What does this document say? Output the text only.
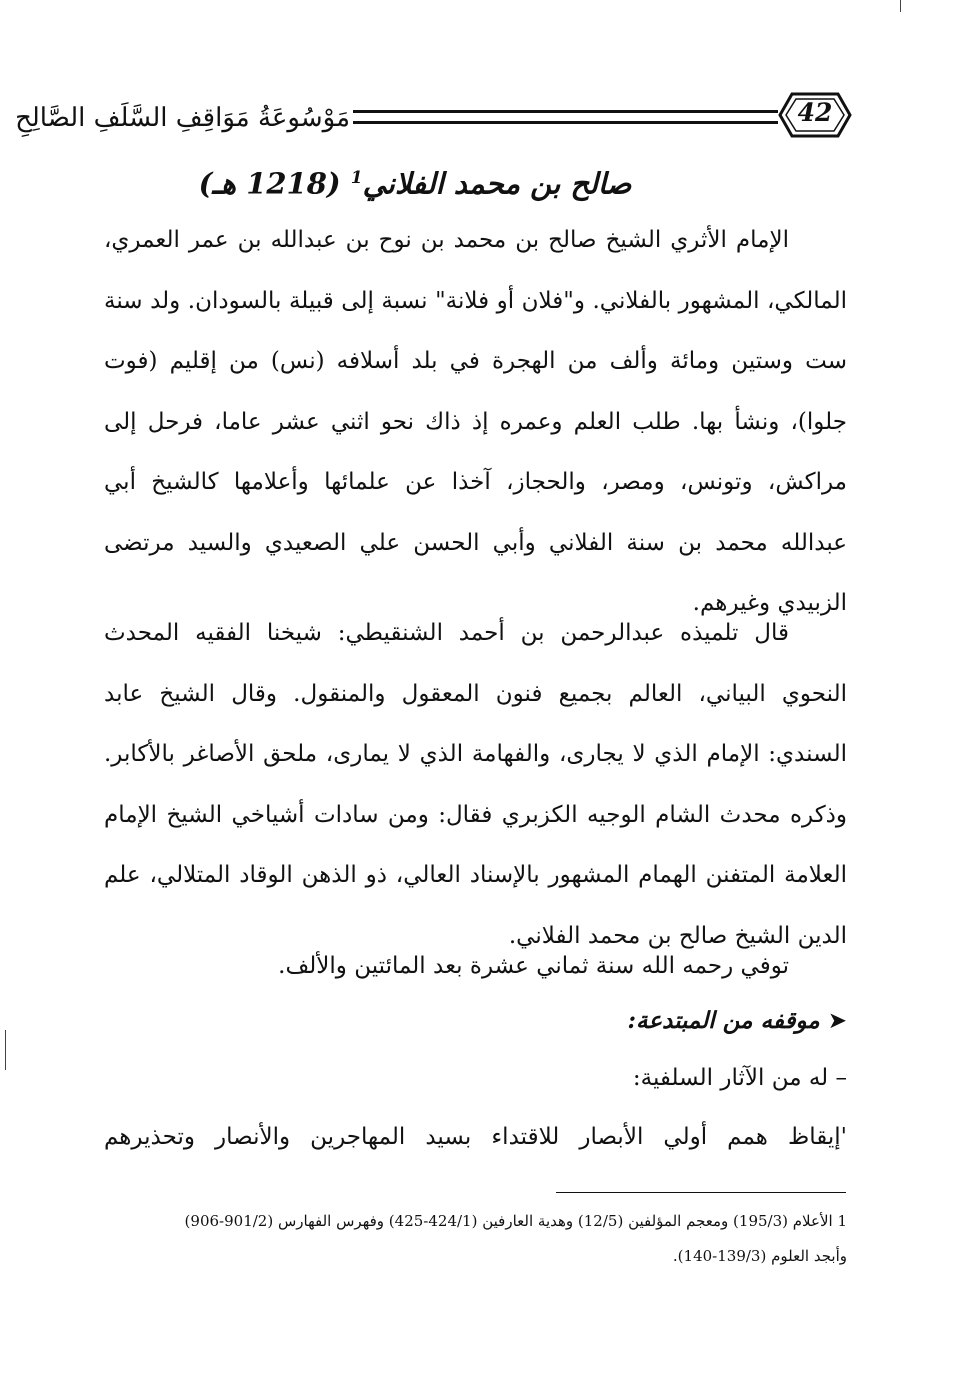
مَوْسُوعَةُ مَوَاقِفِ السَّلَفِ الصَّالِحِ	42
صالح بن محمد الفلاني$^1$ (1218 هـ)

الإمام الأثري الشيخ صالح بن محمد بن نوح بن عبدالله بن عمر العمري، المالكي، المشهور بالفلاني. و"فلان أو فلانة" نسبة إلى قبيلة بالسودان. ولد سنة ست وستين ومائة وألف من الهجرة في بلد أسلافه (نس) من إقليم (فوت جلوا)، ونشأ بها. طلب العلم وعمره إذ ذاك نحو اثني عشر عاما، فرحل إلى مراكش، وتونس، ومصر، والحجاز، آخذا عن علمائها وأعلامها كالشيخ أبي عبدالله محمد بن سنة الفلاني وأبي الحسن علي الصعيدي والسيد مرتضى الزبيدي وغيرهم.

قال تلميذه عبدالرحمن بن أحمد الشنقيطي: شيخنا الفقيه المحدث النحوي البياني، العالم بجميع فنون المعقول والمنقول. وقال الشيخ عابد السندي: الإمام الذي لا يجارى، والفهامة الذي لا يمارى، ملحق الأصاغر بالأكابر. وذكره محدث الشام الوجيه الكزبري فقال: ومن سادات أشياخي الشيخ الإمام العلامة المتفنن الهمام المشهور بالإسناد العالي، ذو الذهن الوقاد المتلالي، علم الدين الشيخ صالح بن محمد الفلاني.

توفي رحمه الله سنة ثماني عشرة بعد المائتين والألف.

➤ موقفه من المبتدعة:
– له من الآثار السلفية:
'إيقاظ همم أولي الأبصار للاقتداء بسيد المهاجرين والأنصار وتحذيرهم

1 الأعلام (195/3) ومعجم المؤلفين (12/5) وهدية العارفين (424/1-425) وفهرس الفهارس (901/2-906)

وأبجد العلوم (139/3-140).
